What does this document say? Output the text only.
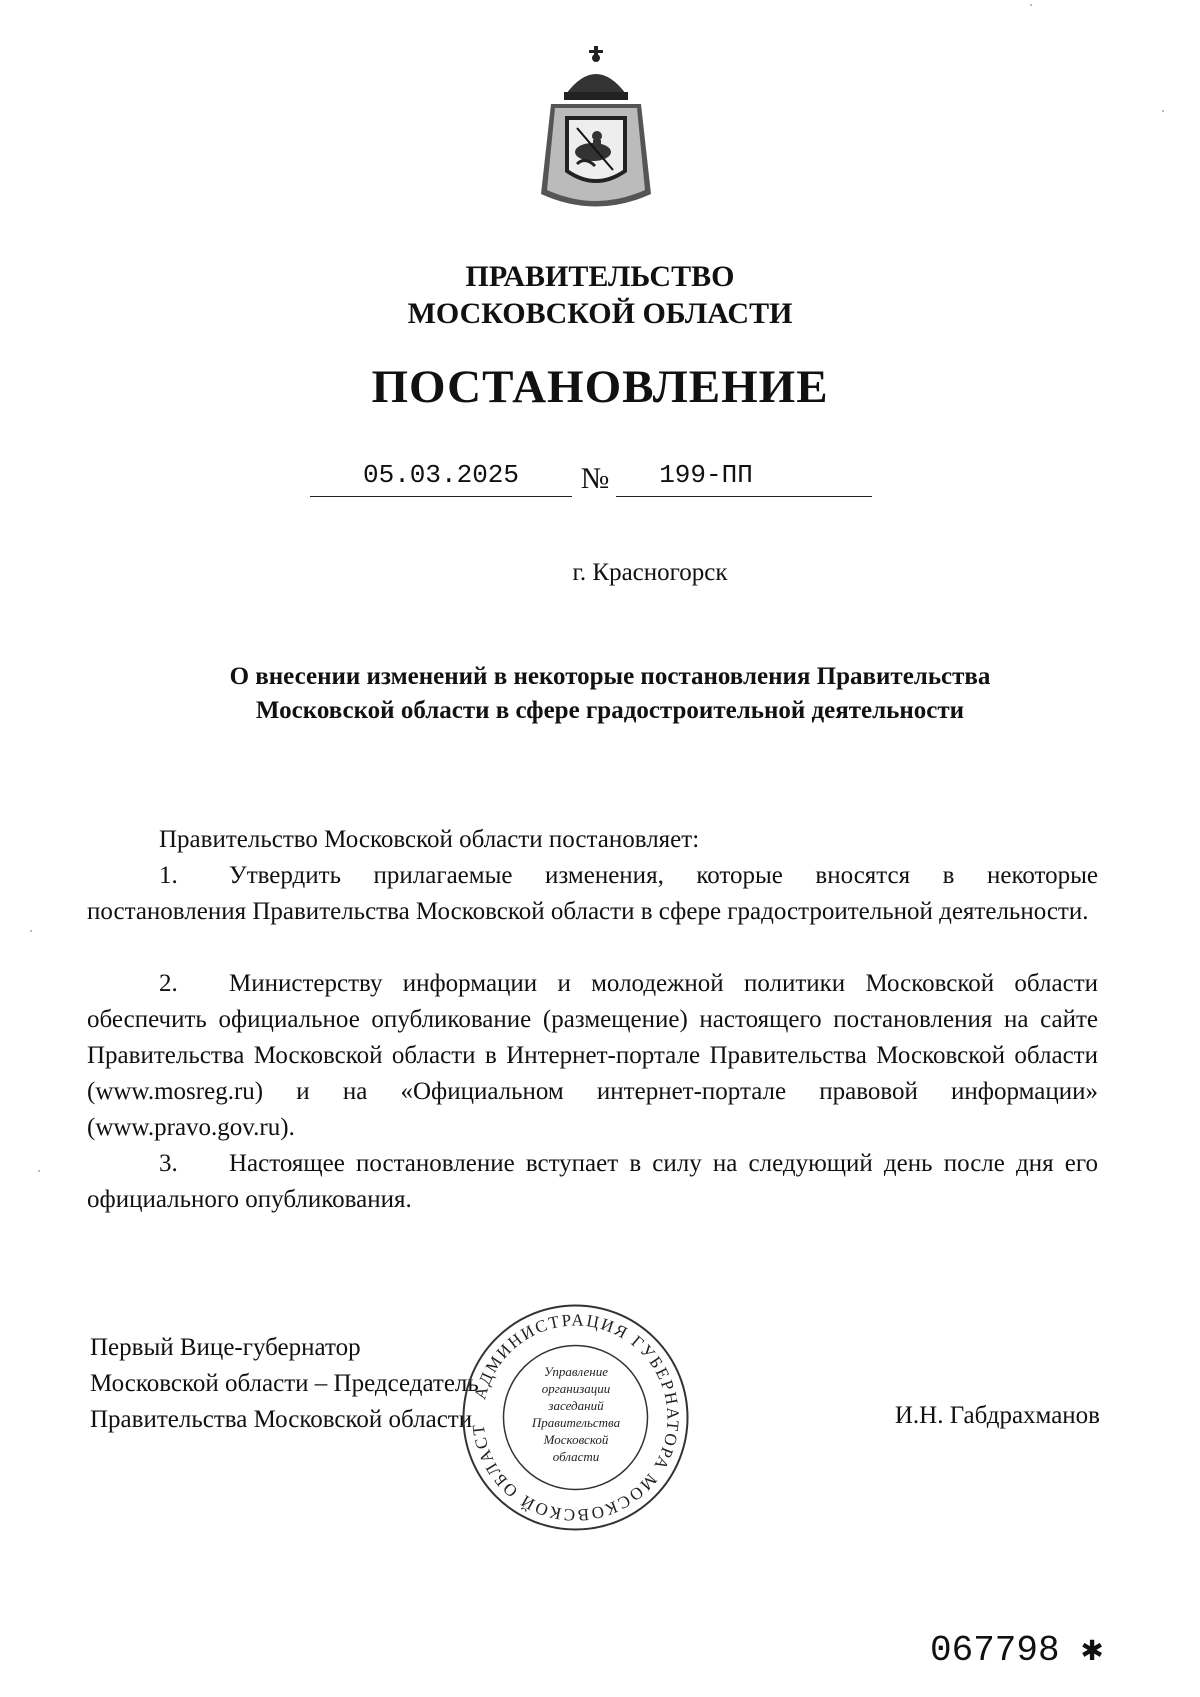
ПРАВИТЕЛЬСТВО
МОСКОВСКОЙ ОБЛАСТИ
ПОСТАНОВЛЕНИЕ
05.03.2025	№	199-ПП
г. Красногорск
О внесении изменений в некоторые постановления Правительства
Московской области в сфере градостроительной деятельности
Правительство Московской области постановляет:
1. Утвердить прилагаемые изменения, которые вносятся в некоторые постановления Правительства Московской области в сфере градостроительной деятельности.
2. Министерству информации и молодежной политики Московской области обеспечить официальное опубликование (размещение) настоящего постановления на сайте Правительства Московской области в Интернет-портале Правительства Московской области (www.mosreg.ru) и на «Официальном интернет-портале правовой информации» (www.pravo.gov.ru).
3. Настоящее постановление вступает в силу на следующий день после дня его официального опубликования.
Первый Вице-губернатор
Московской области – Председатель
Правительства Московской области	И.Н. Габдрахманов
АДМИНИСТРАЦИЯ ГУБЕРНАТОРА МОСКОВСКОЙ ОБЛАСТ
Управление
организации
заседаний
Правительства
Московской
области
067798 ✱
